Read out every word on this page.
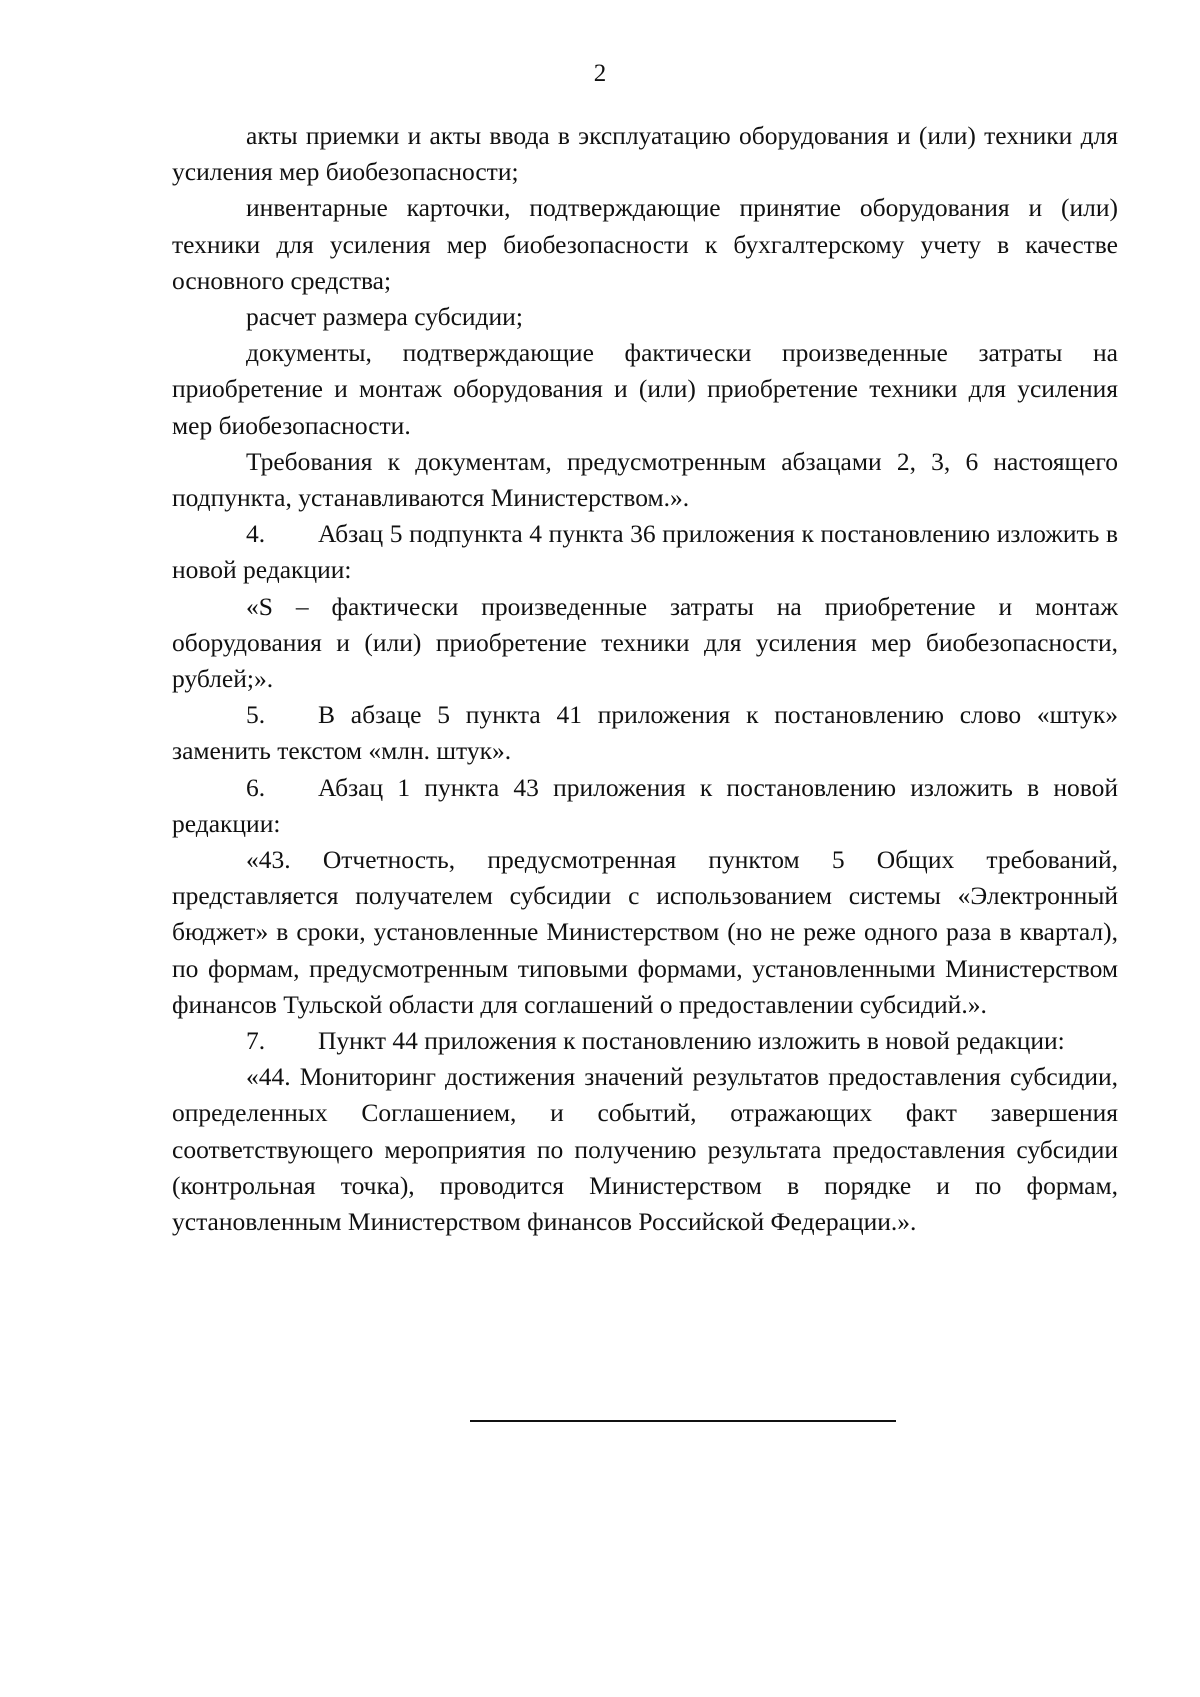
2

акты приемки и акты ввода в эксплуатацию оборудования и (или) техники для усиления мер биобезопасности;

инвентарные карточки, подтверждающие принятие оборудования и (или) техники для усиления мер биобезопасности к бухгалтерскому учету в качестве основного средства;

расчет размера субсидии;

документы, подтверждающие фактически произведенные затраты на приобретение и монтаж оборудования и (или) приобретение техники для усиления мер биобезопасности.

Требования к документам, предусмотренным абзацами 2, 3, 6 настоящего подпункта, устанавливаются Министерством.».

4. Абзац 5 подпункта 4 пункта 36 приложения к постановлению изложить в новой редакции:

«S – фактически произведенные затраты на приобретение и монтаж оборудования и (или) приобретение техники для усиления мер биобезопасности, рублей;».

5. В абзаце 5 пункта 41 приложения к постановлению слово «штук» заменить текстом «млн. штук».

6. Абзац 1 пункта 43 приложения к постановлению изложить в новой редакции:

«43. Отчетность, предусмотренная пунктом 5 Общих требований, представляется получателем субсидии с использованием системы «Электронный бюджет» в сроки, установленные Министерством (но не реже одного раза в квартал), по формам, предусмотренным типовыми формами, установленными Министерством финансов Тульской области для соглашений о предоставлении субсидий.».

7. Пункт 44 приложения к постановлению изложить в новой редакции:

«44. Мониторинг достижения значений результатов предоставления субсидии, определенных Соглашением, и событий, отражающих факт завершения соответствующего мероприятия по получению результата предоставления субсидии (контрольная точка), проводится Министерством в порядке и по формам, установленным Министерством финансов Российской Федерации.».
